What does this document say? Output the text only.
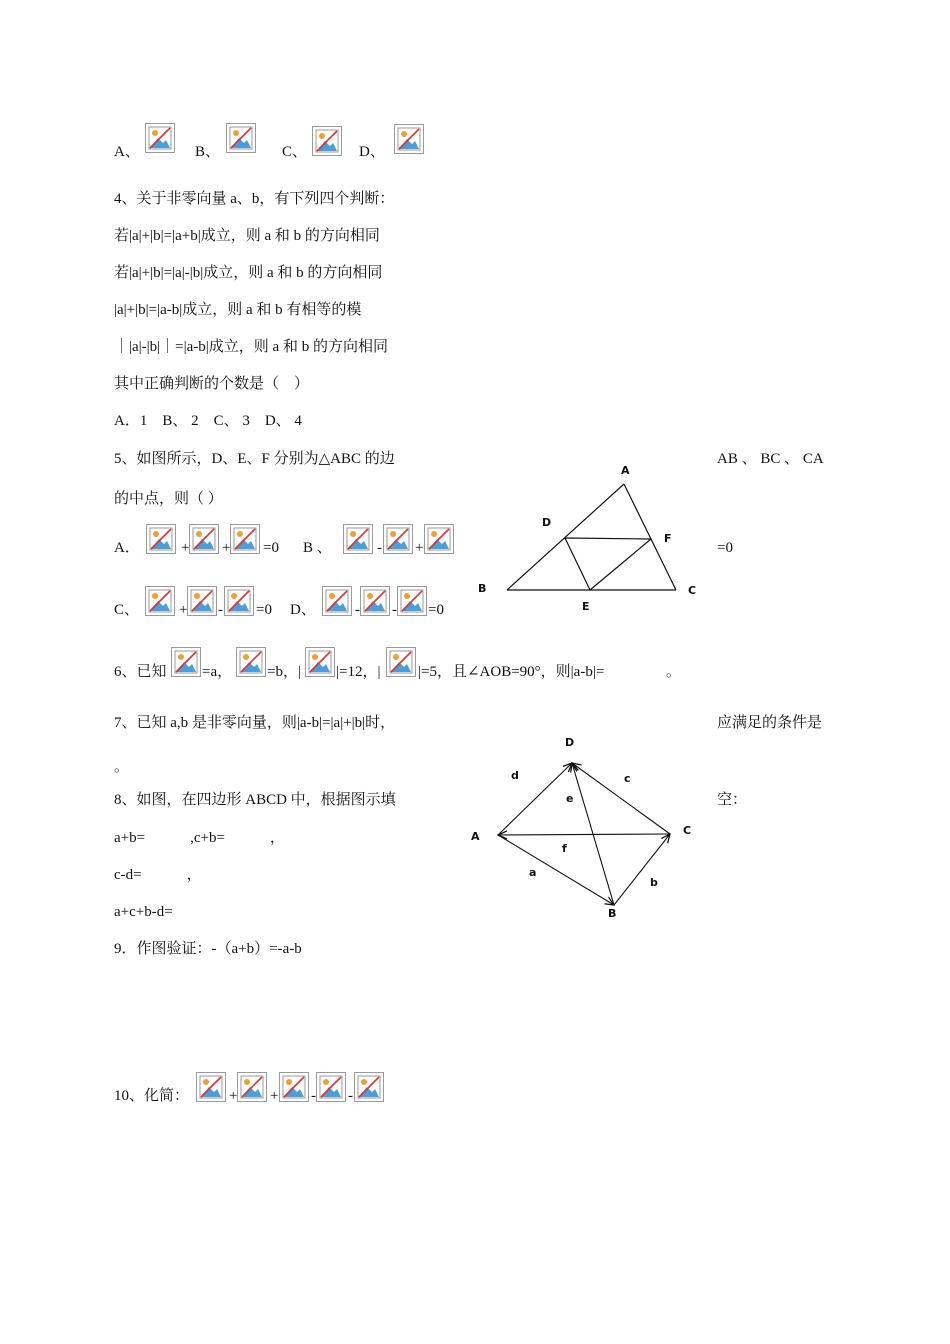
A、	B、	C、	D、
4、关于非零向量 a、b，有下列四个判断：
若|a|+|b|=|a+b|成立，则 a 和 b 的方向相同
若|a|+|b|=|a|-|b|成立，则 a 和 b 的方向相同
|a|+|b|=|a-b|成立，则 a 和 b 有相等的模
｜|a|-|b|｜=|a-b|成立，则 a 和 b 的方向相同
其中正确判断的个数是（　）
A．1　B、 2　C、 3　D、 4
5、如图所示，D、E、F 分别为△ABC 的边	AB 、 BC 、 CA
的中点，则（ ）
A．	+ + =0 B 、	- +	=0
C、	+ - =0 D、	- - =0
A
B	C
D
E
F
6、已知 =a， =b，| |=12，|	|=5，且∠AOB=90°，则|a-b|=	。
7、已知 a,b 是非零向量，则|a-b|=|a|+|b|时，	应满足的条件是
。
8、如图，在四边形 ABCD 中，根据图示填	空：
a+b=　　　,c+b=　　　，
c-d=　　　，
a+c+b-d=
D
A
B
C
d	c
e
f
a
b
9．作图验证：-（a+b）=-a-b
10、化简：	+ + - -
